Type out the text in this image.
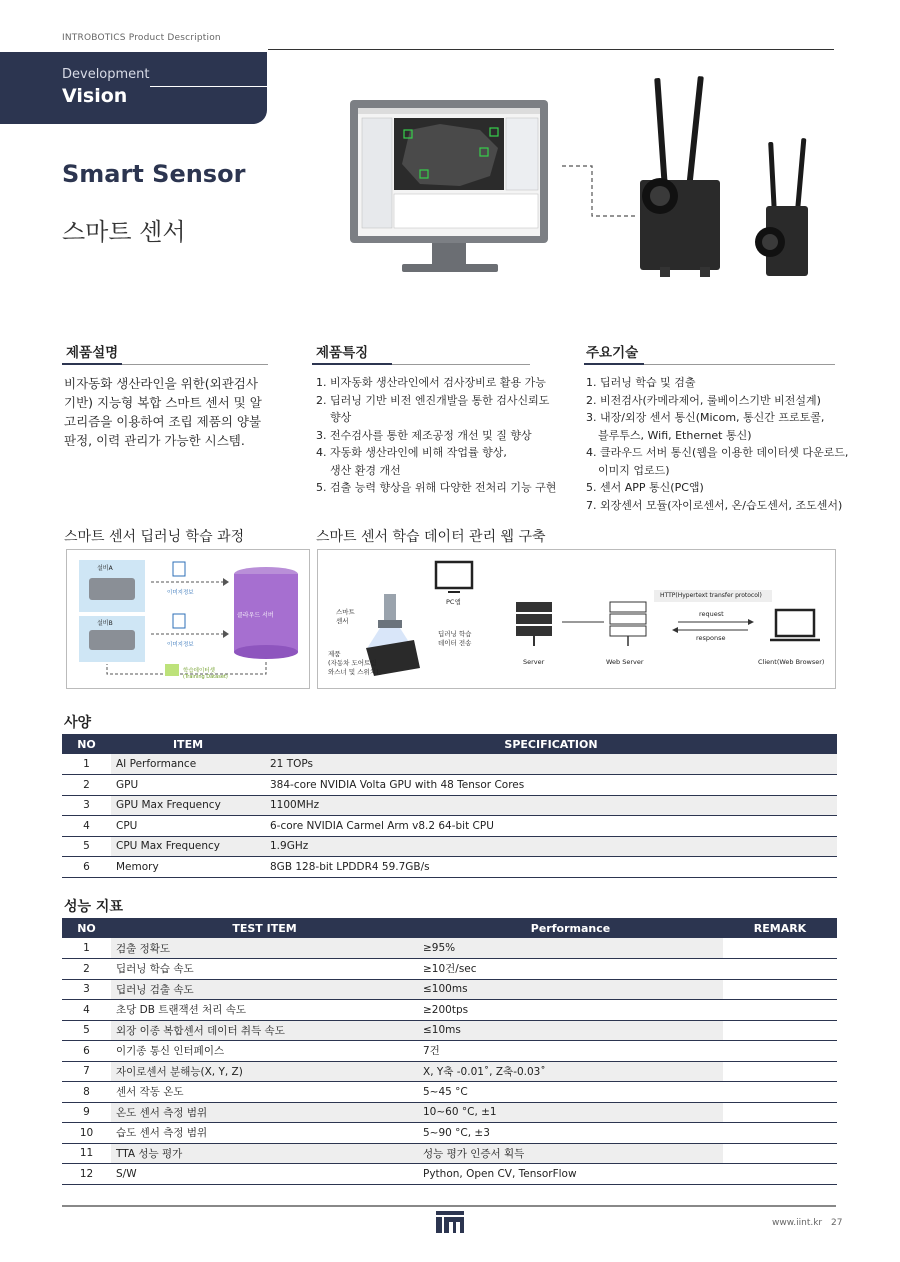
INTROBOTICS Product Description
Development
Vision
Smart Sensor
스마트 센서
제품설명	제품특징	주요기술
비자동화 생산라인을 위한(외관검사 기반) 지능형 복합 스마트 센서 및 알 고리즘을 이용하여 조립 제품의 양불 판정, 이력 관리가 가능한 시스템.
1. 비자동화 생산라인에서 검사장비로 활용 가능
2. 딥러닝 기반 비전 엔진개발을 통한 검사신뢰도
향상
3. 전수검사를 통한 제조공정 개선 및 질 향상
4. 자동화 생산라인에 비해 작업률 향상,
생산 환경 개선
5. 검출 능력 향상을 위해 다양한 전처리 기능 구현
1. 딥러닝 학습 및 검출
2. 비전검사(카메라제어, 룰베이스기반 비전설계)
3. 내장/외장 센서 통신(Micom, 통신간 프로토콜,
블루투스, Wifi, Ethernet 통신)
4. 클라우드 서버 통신(웹을 이용한 데이터셋 다운로드,
이미지 업로드)
5. 센서 APP 통신(PC앱)
7. 외장센서 모듈(자이로센서, 온/습도센서, 조도센서)
스마트 센서 딥러닝 학습 과정	스마트 센서 학습 데이터 관리 웹 구축
설비A
설비B
이미지정보
이미지정보
클라우드 서버
학습데이터셋
(Training Dataset)
PC앱
스마트
센서
제품
(자동차 도어트림
와스너 및 스위치)
딥러닝 학습
데이터 전송
Server	Web Server
HTTP(Hypertext transfer protocol)
request
response
Client(Web Browser)
사양
NO	ITEM	SPECIFICATION
1	AI Performance	21 TOPs
2	GPU	384-core NVIDIA Volta GPU with 48 Tensor Cores
3	GPU Max Frequency	1100MHz
4	CPU	6-core NVIDIA Carmel Arm v8.2 64-bit CPU
5	CPU Max Frequency	1.9GHz
6	Memory	8GB 128-bit LPDDR4 59.7GB/s
성능 지표
NO	TEST ITEM	Performance	REMARK
1	검출 정확도	≥95%	
2	딥러닝 학습 속도	≥10건/sec	
3	딥러닝 검출 속도	≤100ms	
4	초당 DB 트랜잭션 처리 속도	≥200tps	
5	외장 이종 복합센서 데이터 취득 속도	≤10ms	
6	이기종 통신 인터페이스	7건	
7	자이로센서 분해능(X, Y, Z)	X, Y축 -0.01˚, Z축-0.03˚	
8	센서 작동 온도	5~45 °C	
9	온도 센서 측정 범위	10~60 °C, ±1	
10	습도 센서 측정 범위	5~90 °C, ±3	
11	TTA 성능 평가	성능 평가 인증서 획득	
12	S/W	Python, Open CV, TensorFlow	
www.iint.kr 27
